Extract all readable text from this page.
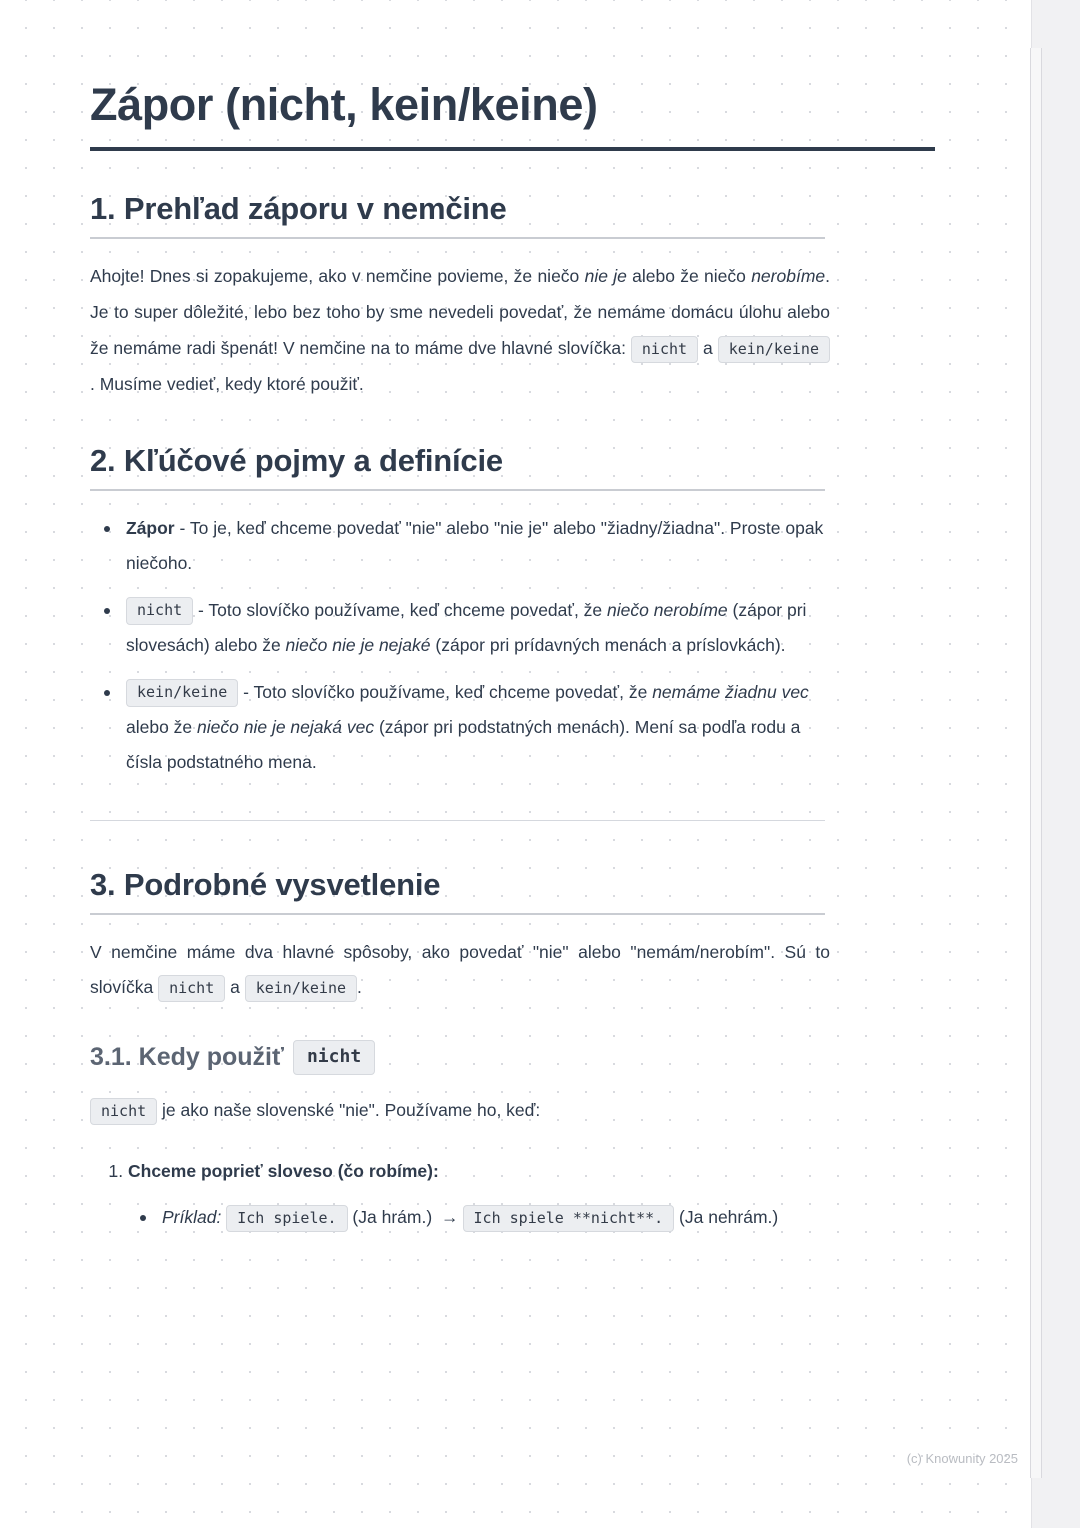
Zápor (nicht, kein/keine)
1. Prehľad záporu v nemčine

Ahojte! Dnes si zopakujeme, ako v nemčine povieme, že niečo nie je alebo že niečo nerobíme. Je to super dôležité, lebo bez toho by sme nevedeli povedať, že nemáme domácu úlohu alebo že nemáme radi špenát! V nemčine na to máme dve hlavné slovíčka: nicht a kein/keine. Musíme vedieť, kedy ktoré použiť.

2. Kľúčové pojmy a definície
Zápor - To je, keď chceme povedať "nie" alebo "nie je" alebo "žiadny/žiadna". Proste opak niečoho.
nicht - Toto slovíčko používame, keď chceme povedať, že niečo nerobíme (zápor pri slovesách) alebo že niečo nie je nejaké (zápor pri prídavných menách a príslovkách).
kein/keine - Toto slovíčko používame, keď chceme povedať, že nemáme žiadnu vec alebo že niečo nie je nejaká vec (zápor pri podstatných menách). Mení sa podľa rodu a čísla podstatného mena.
3. Podrobné vysvetlenie

V nemčine máme dva hlavné spôsoby, ako povedať "nie" alebo "nemám/nerobím". Sú to slovíčka nicht a kein/keine .

3.1. Kedy použiť	nicht

nicht je ako naše slovenské "nie". Používame ho, keď:

1. Chceme poprieť sloveso (čo robíme):
Príklad: Ich spiele. (Ja hrám.) → Ich spiele **nicht**. (Ja nehrám.)
(c) Knowunity 2025
